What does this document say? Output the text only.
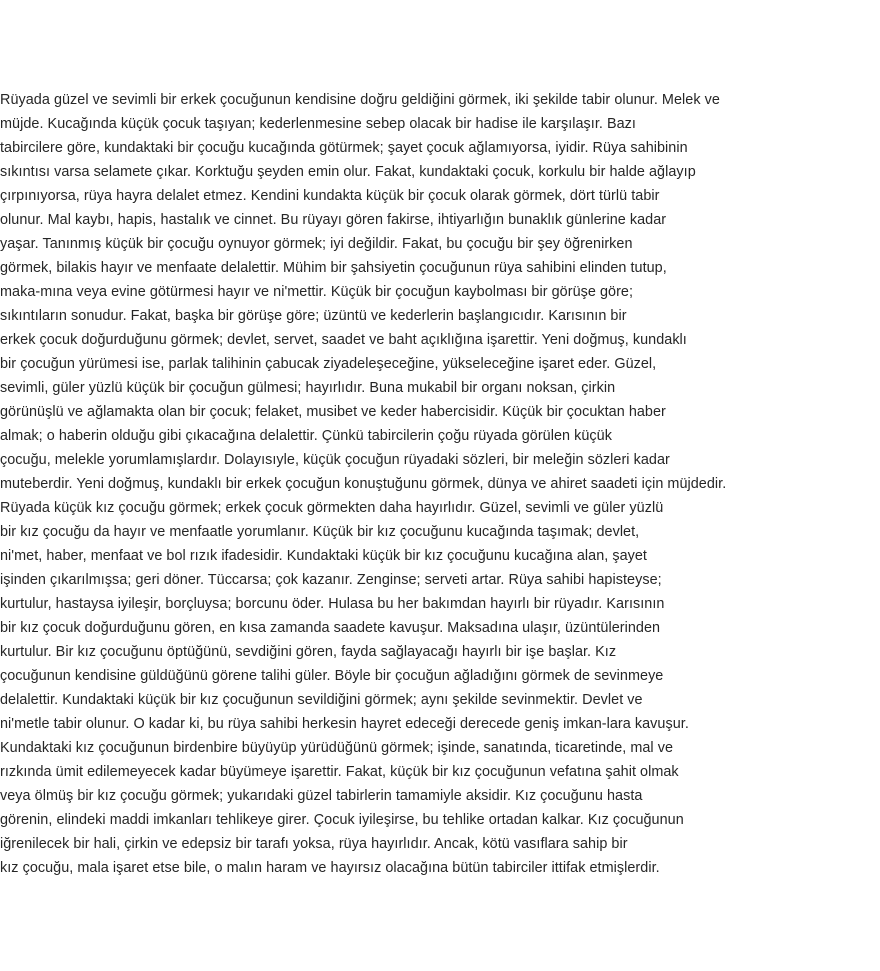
Rüyada güzel ve sevimli bir erkek çocuğunun kendisine doğru geldiğini görmek, iki şekilde tabir olunur. Melek ve
müjde. Kucağında küçük çocuk taşıyan; kederlenmesine sebep olacak bir hadise ile karşılaşır. Bazı
tabircilere göre, kundaktaki bir çocuğu kucağında götürmek; şayet çocuk ağlamıyorsa, iyidir. Rüya sahibinin
sıkıntısı varsa selamete çıkar. Korktuğu şeyden emin olur. Fakat, kundaktaki çocuk, korkulu bir halde ağlayıp
çırpınıyorsa, rüya hayra delalet etmez. Kendini kundakta küçük bir çocuk olarak görmek, dört türlü tabir
olunur. Mal kaybı, hapis, hastalık ve cinnet. Bu rüyayı gören fakirse, ihtiyarlığın bunaklık günlerine kadar
yaşar. Tanınmış küçük bir çocuğu oynuyor görmek; iyi değildir. Fakat, bu çocuğu bir şey öğrenirken
görmek, bilakis hayır ve menfaate delalettir. Mühim bir şahsiyetin çocuğunun rüya sahibini elinden tutup,
maka-mına veya evine götürmesi hayır ve ni'mettir. Küçük bir çocuğun kaybolması bir görüşe göre;
sıkıntıların sonudur. Fakat, başka bir görüşe göre; üzüntü ve kederlerin başlangıcıdır. Karısının bir
erkek çocuk doğurduğunu görmek; devlet, servet, saadet ve baht açıklığına işarettir. Yeni doğmuş, kundaklı
bir çocuğun yürümesi ise, parlak talihinin çabucak ziyadeleşeceğine, yükseleceğine işaret eder. Güzel,
sevimli, güler yüzlü küçük bir çocuğun gülmesi; hayırlıdır. Buna mukabil bir organı noksan, çirkin
görünüşlü ve ağlamakta olan bir çocuk; felaket, musibet ve keder habercisidir. Küçük bir çocuktan haber
almak; o haberin olduğu gibi çıkacağına delalettir. Çünkü tabircilerin çoğu rüyada görülen küçük
çocuğu, melekle yorumlamışlardır. Dolayısıyle, küçük çocuğun rüyadaki sözleri, bir meleğin sözleri kadar
muteberdir. Yeni doğmuş, kundaklı bir erkek çocuğun konuştuğunu görmek, dünya ve ahiret saadeti için müjdedir.
Rüyada küçük kız çocuğu görmek; erkek çocuk görmekten daha hayırlıdır. Güzel, sevimli ve güler yüzlü
bir kız çocuğu da hayır ve menfaatle yorumlanır. Küçük bir kız çocuğunu kucağında taşımak; devlet,
ni'met, haber, menfaat ve bol rızık ifadesidir. Kundaktaki küçük bir kız çocuğunu kucağına alan, şayet
işinden çıkarılmışsa; geri döner. Tüccarsa; çok kazanır. Zenginse; serveti artar. Rüya sahibi hapisteyse;
kurtulur, hastaysa iyileşir, borçluysa; borcunu öder. Hulasa bu her bakımdan hayırlı bir rüyadır. Karısının
bir kız çocuk doğurduğunu gören, en kısa zamanda saadete kavuşur. Maksadına ulaşır, üzüntülerinden
kurtulur. Bir kız çocuğunu öptüğünü, sevdiğini gören, fayda sağlayacağı hayırlı bir işe başlar. Kız
çocuğunun kendisine güldüğünü görene talihi güler. Böyle bir çocuğun ağladığını görmek de sevinmeye
delalettir. Kundaktaki küçük bir kız çocuğunun sevildiğini görmek; aynı şekilde sevinmektir. Devlet ve
ni'metle tabir olunur. O kadar ki, bu rüya sahibi herkesin hayret edeceği derecede geniş imkan-lara kavuşur.
Kundaktaki kız çocuğunun birdenbire büyüyüp yürüdüğünü görmek; işinde, sanatında, ticaretinde, mal ve
rızkında ümit edilemeyecek kadar büyümeye işarettir. Fakat, küçük bir kız çocuğunun vefatına şahit olmak
veya ölmüş bir kız çocuğu görmek; yukarıdaki güzel tabirlerin tamamiyle aksidir. Kız çocuğunu hasta
görenin, elindeki maddi imkanları tehlikeye girer. Çocuk iyileşirse, bu tehlike ortadan kalkar. Kız çocuğunun
iğrenilecek bir hali, çirkin ve edepsiz bir tarafı yoksa, rüya hayırlıdır. Ancak, kötü vasıflara sahip bir
kız çocuğu, mala işaret etse bile, o malın haram ve hayırsız olacağına bütün tabirciler ittifak etmişlerdir.
